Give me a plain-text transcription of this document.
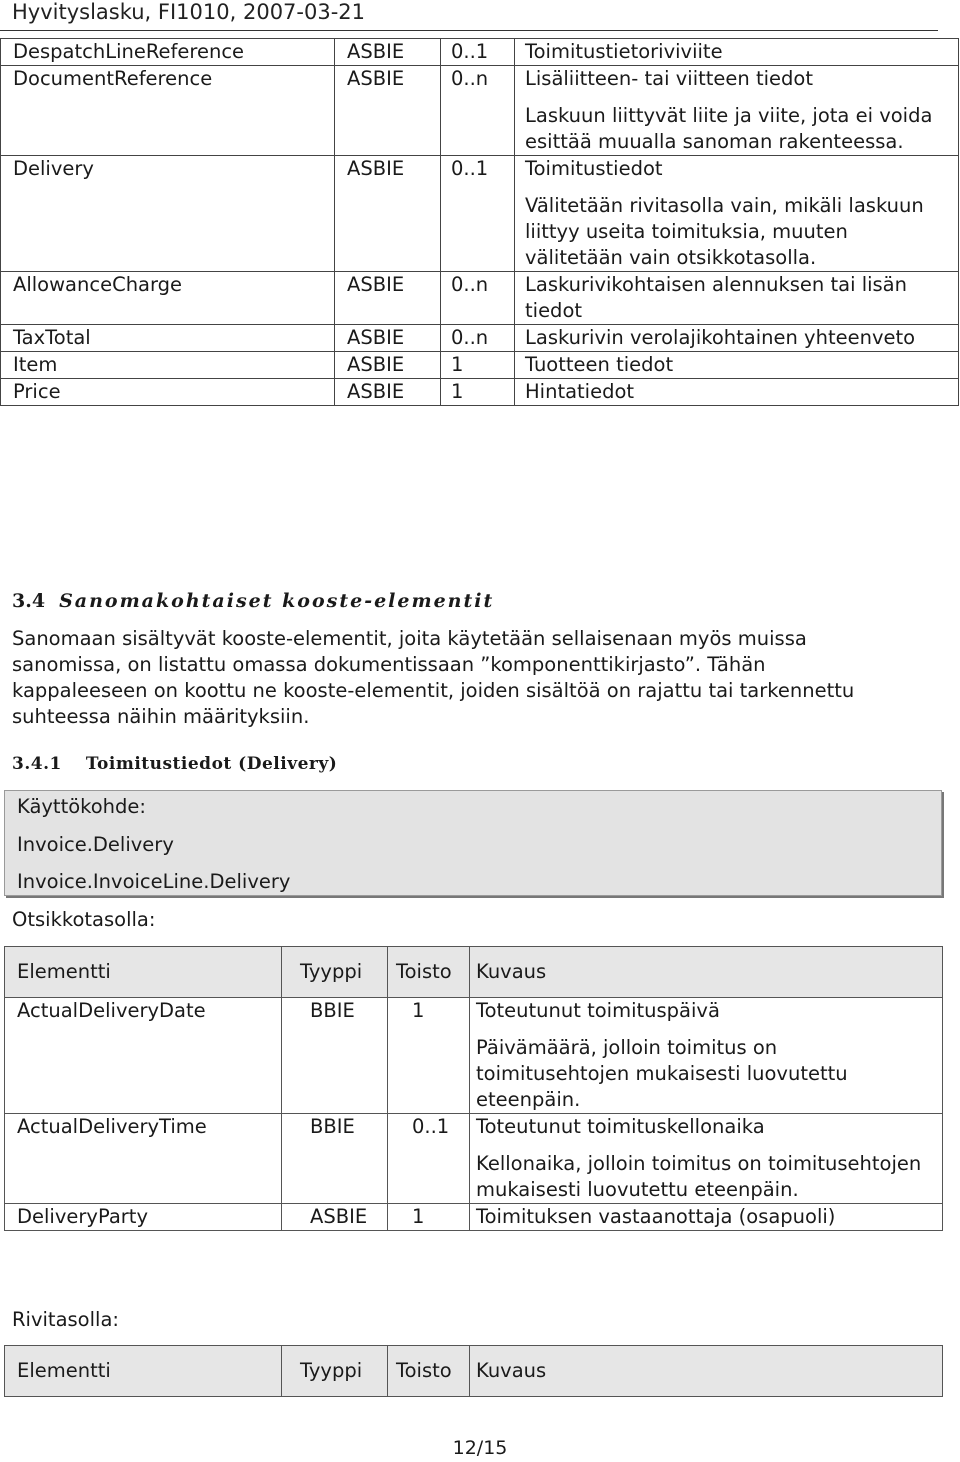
Hyvityslasku, FI1010, 2007-03-21
DespatchLineReference	ASBIE	0..1	Toimitustietoriviviite

DocumentReference	ASBIE	0..n	Lisäliitteen- tai viitteen tiedot
Laskuun liittyvät liite ja viite, jota ei voida
esittää muualla sanoman rakenteessa.

Delivery	ASBIE	0..1	Toimitustiedot
Välitetään rivitasolla vain, mikäli laskuun
liittyy useita toimituksia, muuten
välitetään vain otsikkotasolla.

AllowanceCharge	ASBIE	0..n	Laskurivikohtaisen alennuksen tai lisän
tiedot

TaxTotal	ASBIE	0..n	Laskurivin verolajikohtainen yhteenveto

Item	ASBIE	1	Tuotteen tiedot

Price	ASBIE	1	Hintatiedot
3.4 Sanomakohtaiset kooste-elementit
Sanomaan sisältyvät kooste-elementit, joita käytetään sellaisenaan myös muissa
sanomissa, on listattu omassa dokumentissaan ”komponenttikirjasto”. Tähän
kappaleeseen on koottu ne kooste-elementit, joiden sisältöä on rajattu tai tarkennettu
suhteessa näihin määrityksiin.
3.4.1 Toimitustiedot (Delivery)
Käyttökohde:
Invoice.Delivery
Invoice.InvoiceLine.Delivery
Otsikkotasolla:
Elementti	Tyyppi	Toisto	Kuvaus

ActualDeliveryDate	BBIE	1	Toteutunut toimituspäivä
Päivämäärä, jolloin toimitus on
toimitusehtojen mukaisesti luovutettu
eteenpäin.

ActualDeliveryTime	BBIE	0..1	Toteutunut toimituskellonaika
Kellonaika, jolloin toimitus on toimitusehtojen
mukaisesti luovutettu eteenpäin.

DeliveryParty	ASBIE	1	Toimituksen vastaanottaja (osapuoli)
Rivitasolla:
Elementti	Tyyppi	Toisto	Kuvaus
12/15
